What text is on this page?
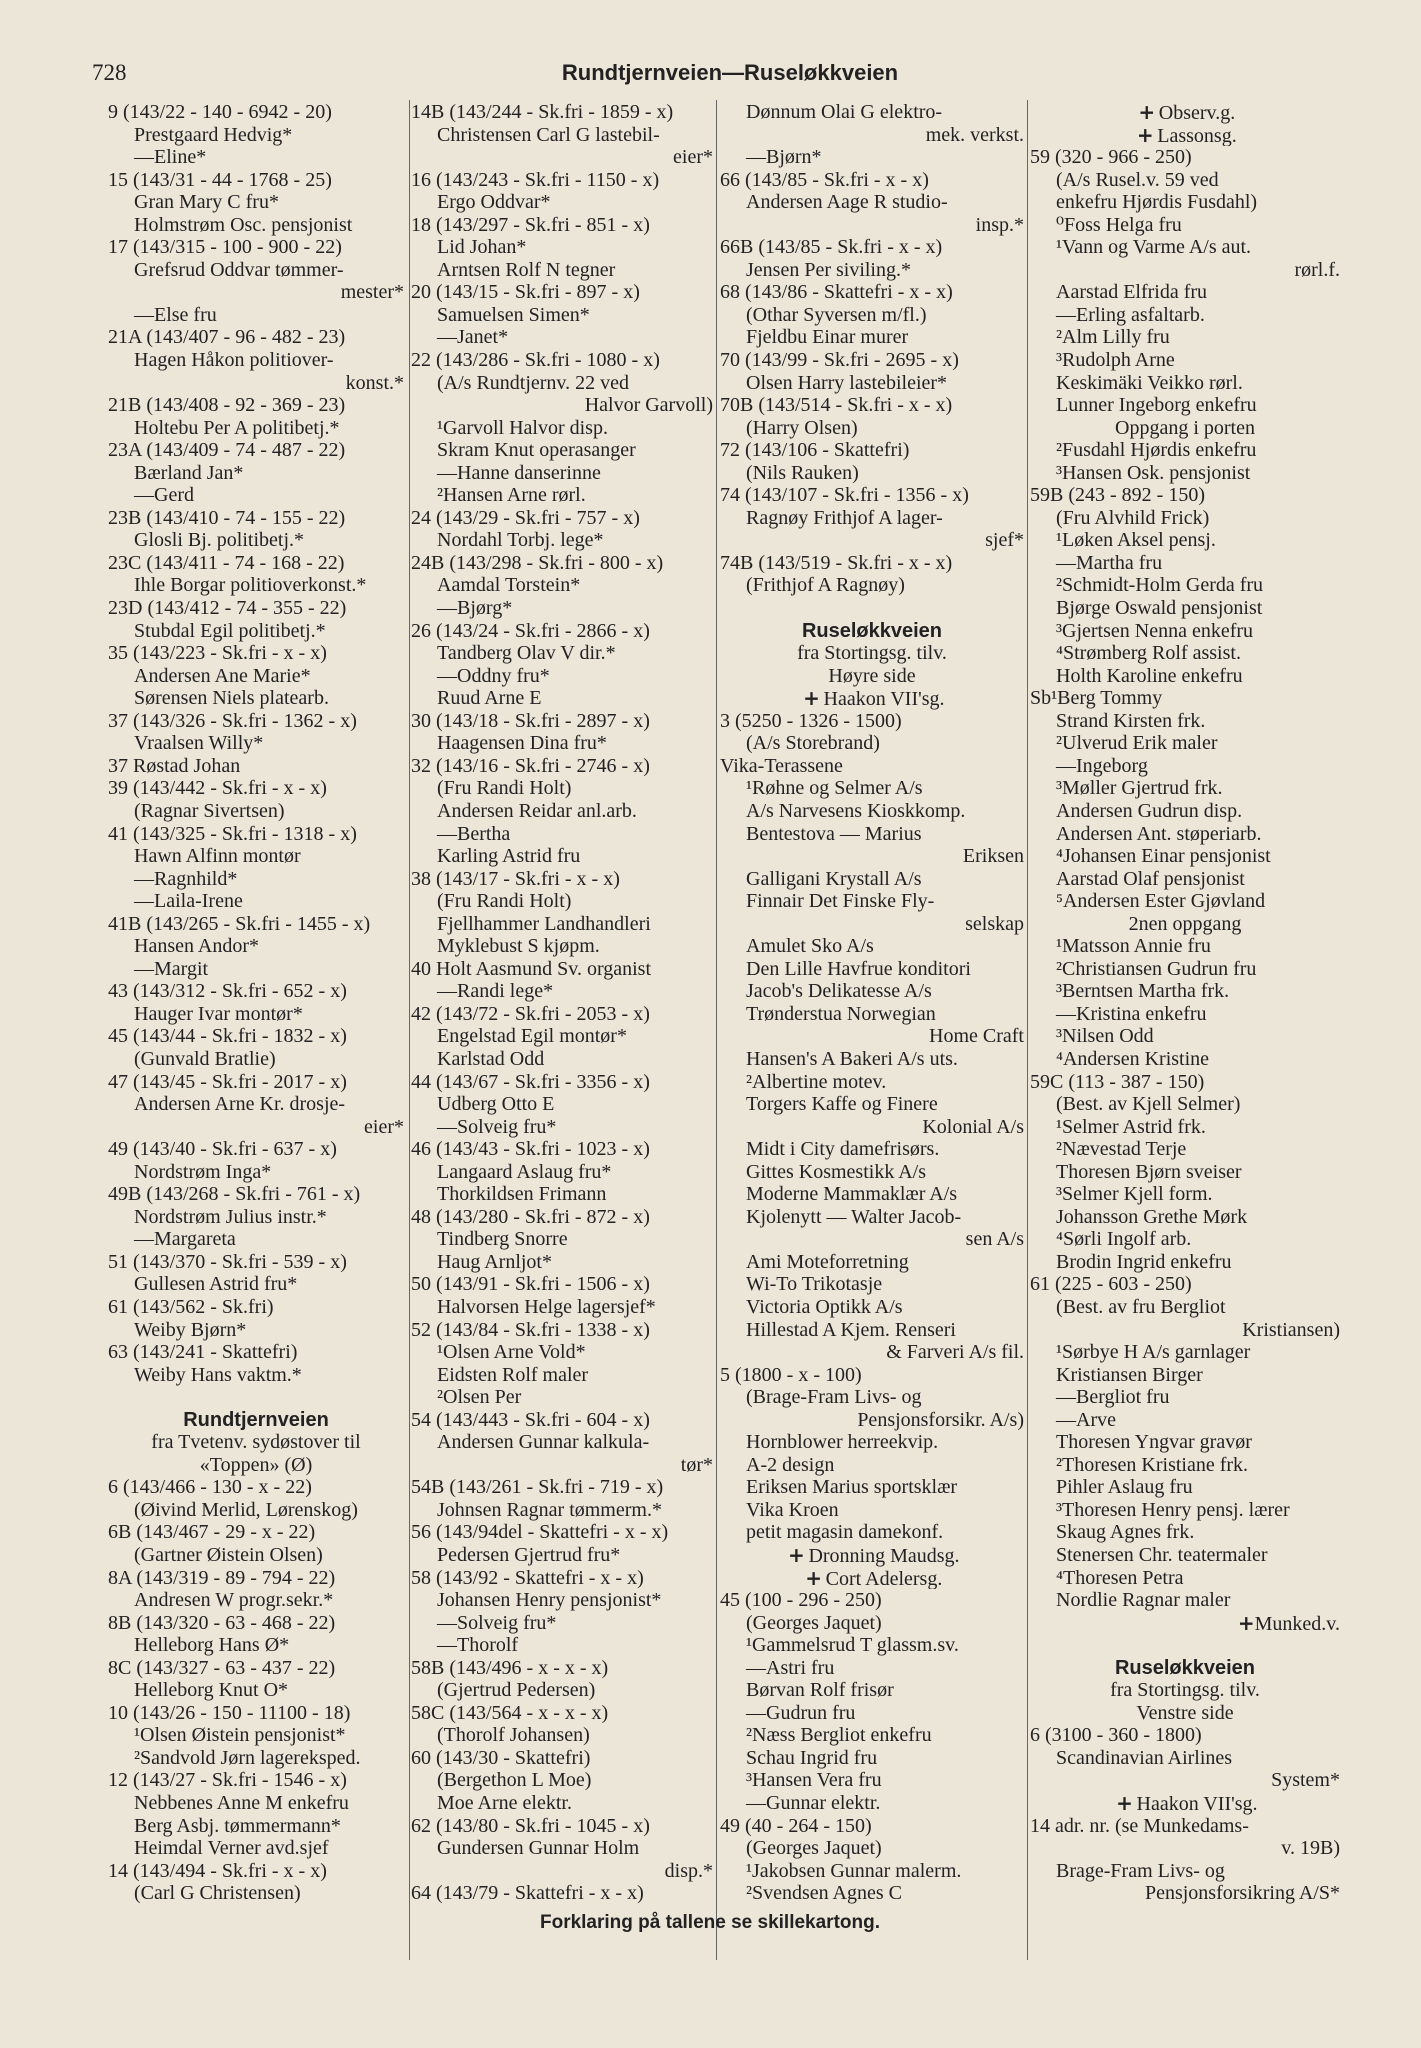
728	Rundtjernveien—Ruseløkkveien
9 (143/22 - 140 - 6942 - 20)
Prestgaard Hedvig*
—Eline*
15 (143/31 - 44 - 1768 - 25)
Gran Mary C fru*
Holmstrøm Osc. pensjonist
17 (143/315 - 100 - 900 - 22)
Grefsrud Oddvar tømmer-
mester*
—Else fru
21A (143/407 - 96 - 482 - 23)
Hagen Håkon politiover-
konst.*
21B (143/408 - 92 - 369 - 23)
Holtebu Per A politibetj.*
23A (143/409 - 74 - 487 - 22)
Bærland Jan*
—Gerd
23B (143/410 - 74 - 155 - 22)
Glosli Bj. politibetj.*
23C (143/411 - 74 - 168 - 22)
Ihle Borgar politioverkonst.*
23D (143/412 - 74 - 355 - 22)
Stubdal Egil politibetj.*
35 (143/223 - Sk.fri - x - x)
Andersen Ane Marie*
Sørensen Niels platearb.
37 (143/326 - Sk.fri - 1362 - x)
Vraalsen Willy*
37 Røstad Johan
39 (143/442 - Sk.fri - x - x)
(Ragnar Sivertsen)
41 (143/325 - Sk.fri - 1318 - x)
Hawn Alfinn montør
—Ragnhild*
—Laila-Irene
41B (143/265 - Sk.fri - 1455 - x)
Hansen Andor*
—Margit
43 (143/312 - Sk.fri - 652 - x)
Hauger Ivar montør*
45 (143/44 - Sk.fri - 1832 - x)
(Gunvald Bratlie)
47 (143/45 - Sk.fri - 2017 - x)
Andersen Arne Kr. drosje-
eier*
49 (143/40 - Sk.fri - 637 - x)
Nordstrøm Inga*
49B (143/268 - Sk.fri - 761 - x)
Nordstrøm Julius instr.*
—Margareta
51 (143/370 - Sk.fri - 539 - x)
Gullesen Astrid fru*
61 (143/562 - Sk.fri)
Weiby Bjørn*
63 (143/241 - Skattefri)
Weiby Hans vaktm.*
Rundtjernveien
fra Tvetenv. sydøstover til
«Toppen» (Ø)
6 (143/466 - 130 - x - 22)
(Øivind Merlid, Lørenskog)
6B (143/467 - 29 - x - 22)
(Gartner Øistein Olsen)
8A (143/319 - 89 - 794 - 22)
Andresen W progr.sekr.*
8B (143/320 - 63 - 468 - 22)
Helleborg Hans Ø*
8C (143/327 - 63 - 437 - 22)
Helleborg Knut O*
10 (143/26 - 150 - 11100 - 18)
¹Olsen Øistein pensjonist*
²Sandvold Jørn lagereksped.
12 (143/27 - Sk.fri - 1546 - x)
Nebbenes Anne M enkefru
Berg Asbj. tømmermann*
Heimdal Verner avd.sjef
14 (143/494 - Sk.fri - x - x)
(Carl G Christensen)
14B (143/244 - Sk.fri - 1859 - x)
Christensen Carl G lastebil-
eier*
16 (143/243 - Sk.fri - 1150 - x)
Ergo Oddvar*
18 (143/297 - Sk.fri - 851 - x)
Lid Johan*
Arntsen Rolf N tegner
20 (143/15 - Sk.fri - 897 - x)
Samuelsen Simen*
—Janet*
22 (143/286 - Sk.fri - 1080 - x)
(A/s Rundtjernv. 22 ved
Halvor Garvoll)
¹Garvoll Halvor disp.
Skram Knut operasanger
—Hanne danserinne
²Hansen Arne rørl.
24 (143/29 - Sk.fri - 757 - x)
Nordahl Torbj. lege*
24B (143/298 - Sk.fri - 800 - x)
Aamdal Torstein*
—Bjørg*
26 (143/24 - Sk.fri - 2866 - x)
Tandberg Olav V dir.*
—Oddny fru*
Ruud Arne E
30 (143/18 - Sk.fri - 2897 - x)
Haagensen Dina fru*
32 (143/16 - Sk.fri - 2746 - x)
(Fru Randi Holt)
Andersen Reidar anl.arb.
—Bertha
Karling Astrid fru
38 (143/17 - Sk.fri - x - x)
(Fru Randi Holt)
Fjellhammer Landhandleri
Myklebust S kjøpm.
40 Holt Aasmund Sv. organist
—Randi lege*
42 (143/72 - Sk.fri - 2053 - x)
Engelstad Egil montør*
Karlstad Odd
44 (143/67 - Sk.fri - 3356 - x)
Udberg Otto E
—Solveig fru*
46 (143/43 - Sk.fri - 1023 - x)
Langaard Aslaug fru*
Thorkildsen Frimann
48 (143/280 - Sk.fri - 872 - x)
Tindberg Snorre
Haug Arnljot*
50 (143/91 - Sk.fri - 1506 - x)
Halvorsen Helge lagersjef*
52 (143/84 - Sk.fri - 1338 - x)
¹Olsen Arne Vold*
Eidsten Rolf maler
²Olsen Per
54 (143/443 - Sk.fri - 604 - x)
Andersen Gunnar kalkula-
tør*
54B (143/261 - Sk.fri - 719 - x)
Johnsen Ragnar tømmerm.*
56 (143/94del - Skattefri - x - x)
Pedersen Gjertrud fru*
58 (143/92 - Skattefri - x - x)
Johansen Henry pensjonist*
—Solveig fru*
—Thorolf
58B (143/496 - x - x - x)
(Gjertrud Pedersen)
58C (143/564 - x - x - x)
(Thorolf Johansen)
60 (143/30 - Skattefri)
(Bergethon L Moe)
Moe Arne elektr.
62 (143/80 - Sk.fri - 1045 - x)
Gundersen Gunnar Holm
disp.*
64 (143/79 - Skattefri - x - x)
Dønnum Olai G elektro-
mek. verkst.
—Bjørn*
66 (143/85 - Sk.fri - x - x)
Andersen Aage R studio-
insp.*
66B (143/85 - Sk.fri - x - x)
Jensen Per siviling.*
68 (143/86 - Skattefri - x - x)
(Othar Syversen m/fl.)
Fjeldbu Einar murer
70 (143/99 - Sk.fri - 2695 - x)
Olsen Harry lastebileier*
70B (143/514 - Sk.fri - x - x)
(Harry Olsen)
72 (143/106 - Skattefri)
(Nils Rauken)
74 (143/107 - Sk.fri - 1356 - x)
Ragnøy Frithjof A lager-
sjef*
74B (143/519 - Sk.fri - x - x)
(Frithjof A Ragnøy)
Ruseløkkveien
fra Stortingsg. tilv.
Høyre side
+ Haakon VII'sg.
3 (5250 - 1326 - 1500)
(A/s Storebrand)
Vika-Terassene
¹Røhne og Selmer A/s
A/s Narvesens Kioskkomp.
Bentestova — Marius
Eriksen
Galligani Krystall A/s
Finnair Det Finske Fly-
selskap
Amulet Sko A/s
Den Lille Havfrue konditori
Jacob's Delikatesse A/s
Trønderstua Norwegian
Home Craft
Hansen's A Bakeri A/s uts.
²Albertine motev.
Torgers Kaffe og Finere
Kolonial A/s
Midt i City damefrisørs.
Gittes Kosmestikk A/s
Moderne Mammaklær A/s
Kjolenytt — Walter Jacob-
sen A/s
Ami Moteforretning
Wi-To Trikotasje
Victoria Optikk A/s
Hillestad A Kjem. Renseri
& Farveri A/s fil.
5 (1800 - x - 100)
(Brage-Fram Livs- og
Pensjonsforsikr. A/s)
Hornblower herreekvip.
A-2 design
Eriksen Marius sportsklær
Vika Kroen
petit magasin damekonf.
+ Dronning Maudsg.
+ Cort Adelersg.
45 (100 - 296 - 250)
(Georges Jaquet)
¹Gammelsrud T glassm.sv.
—Astri fru
Børvan Rolf frisør
—Gudrun fru
²Næss Bergliot enkefru
Schau Ingrid fru
³Hansen Vera fru
—Gunnar elektr.
49 (40 - 264 - 150)
(Georges Jaquet)
¹Jakobsen Gunnar malerm.
²Svendsen Agnes C
+ Observ.g.
+ Lassonsg.
59 (320 - 966 - 250)
(A/s Rusel.v. 59 ved
enkefru Hjørdis Fusdahl)
⁰Foss Helga fru
¹Vann og Varme A/s aut.
rørl.f.
Aarstad Elfrida fru
—Erling asfaltarb.
²Alm Lilly fru
³Rudolph Arne
Keskimäki Veikko rørl.
Lunner Ingeborg enkefru
Oppgang i porten
²Fusdahl Hjørdis enkefru
³Hansen Osk. pensjonist
59B (243 - 892 - 150)
(Fru Alvhild Frick)
¹Løken Aksel pensj.
—Martha fru
²Schmidt-Holm Gerda fru
Bjørge Oswald pensjonist
³Gjertsen Nenna enkefru
⁴Strømberg Rolf assist.
Holth Karoline enkefru
Sb¹Berg Tommy
Strand Kirsten frk.
²Ulverud Erik maler
—Ingeborg
³Møller Gjertrud frk.
Andersen Gudrun disp.
Andersen Ant. støperiarb.
⁴Johansen Einar pensjonist
Aarstad Olaf pensjonist
⁵Andersen Ester Gjøvland
2nen oppgang
¹Matsson Annie fru
²Christiansen Gudrun fru
³Berntsen Martha frk.
—Kristina enkefru
³Nilsen Odd
⁴Andersen Kristine
59C (113 - 387 - 150)
(Best. av Kjell Selmer)
¹Selmer Astrid frk.
²Nævestad Terje
Thoresen Bjørn sveiser
³Selmer Kjell form.
Johansson Grethe Mørk
⁴Sørli Ingolf arb.
Brodin Ingrid enkefru
61 (225 - 603 - 250)
(Best. av fru Bergliot
Kristiansen)
¹Sørbye H A/s garnlager
Kristiansen Birger
—Bergliot fru
—Arve
Thoresen Yngvar gravør
²Thoresen Kristiane frk.
Pihler Aslaug fru
³Thoresen Henry pensj. lærer
Skaug Agnes frk.
Stenersen Chr. teatermaler
⁴Thoresen Petra
Nordlie Ragnar maler
+ Munked.v.
Ruseløkkveien
fra Stortingsg. tilv.
Venstre side
6 (3100 - 360 - 1800)
Scandinavian Airlines
System*
+ Haakon VII'sg.
14 adr. nr. (se Munkedams-
v. 19B)
Brage-Fram Livs- og
Pensjonsforsikring A/S*
Forklaring på tallene se skillekartong.
